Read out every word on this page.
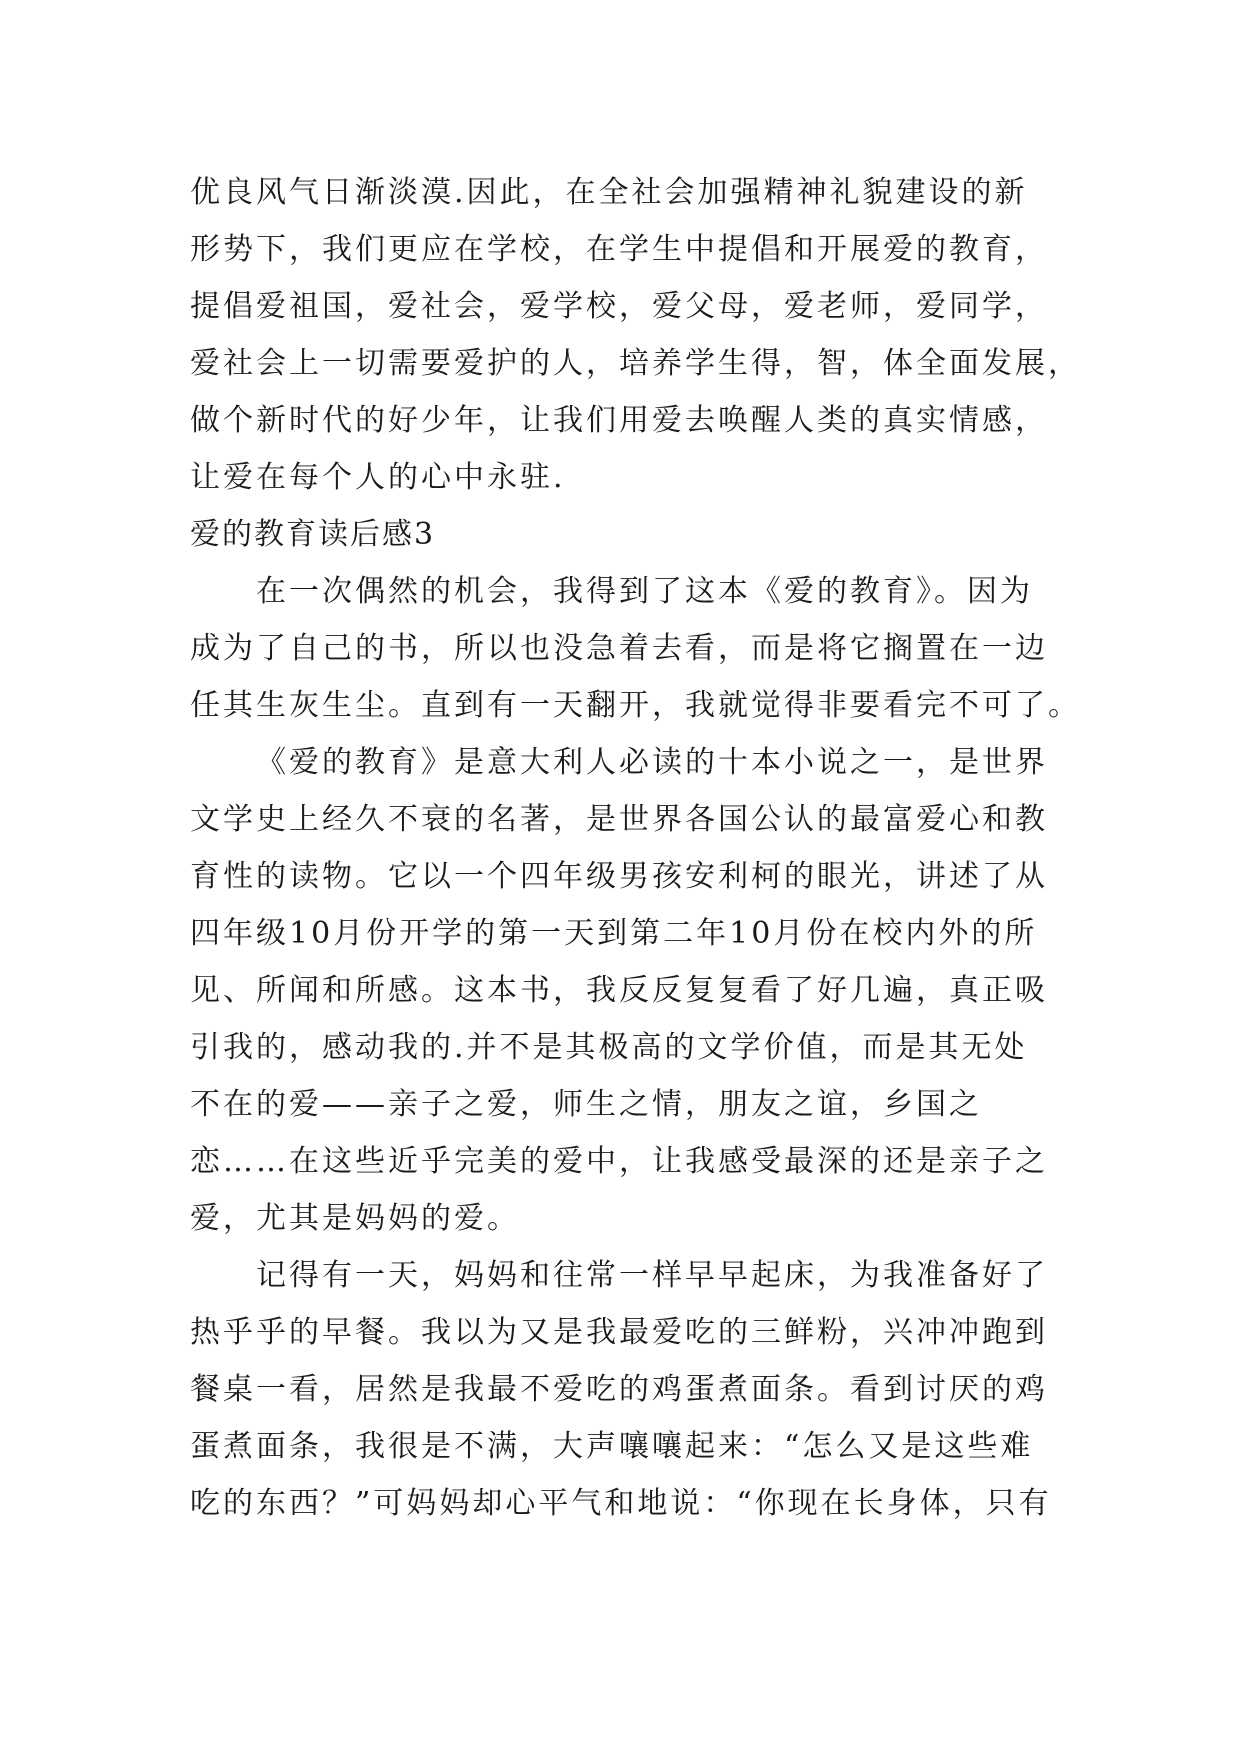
优良风气日渐淡漠.因此，在全社会加强精神礼貌建设的新
形势下，我们更应在学校，在学生中提倡和开展爱的教育，
提倡爱祖国，爱社会，爱学校，爱父母，爱老师，爱同学，
爱社会上一切需要爱护的人，培养学生得，智，体全面发展，
做个新时代的好少年，让我们用爱去唤醒人类的真实情感，
让爱在每个人的心中永驻.
爱的教育读后感3
在一次偶然的机会，我得到了这本《爱的教育》。因为
成为了自己的书，所以也没急着去看，而是将它搁置在一边
任其生灰生尘。直到有一天翻开，我就觉得非要看完不可了。
《爱的教育》是意大利人必读的十本小说之一，是世界
文学史上经久不衰的名著，是世界各国公认的最富爱心和教
育性的读物。它以一个四年级男孩安利柯的眼光，讲述了从
四年级10月份开学的第一天到第二年10月份在校内外的所
见、所闻和所感。这本书，我反反复复看了好几遍，真正吸
引我的，感动我的.并不是其极高的文学价值，而是其无处
不在的爱——亲子之爱，师生之情，朋友之谊，乡国之
恋……在这些近乎完美的爱中，让我感受最深的还是亲子之
爱，尤其是妈妈的爱。
记得有一天，妈妈和往常一样早早起床，为我准备好了
热乎乎的早餐。我以为又是我最爱吃的三鲜粉，兴冲冲跑到
餐桌一看，居然是我最不爱吃的鸡蛋煮面条。看到讨厌的鸡
蛋煮面条，我很是不满，大声嚷嚷起来：“怎么又是这些难
吃的东西？”可妈妈却心平气和地说：“你现在长身体，只有
